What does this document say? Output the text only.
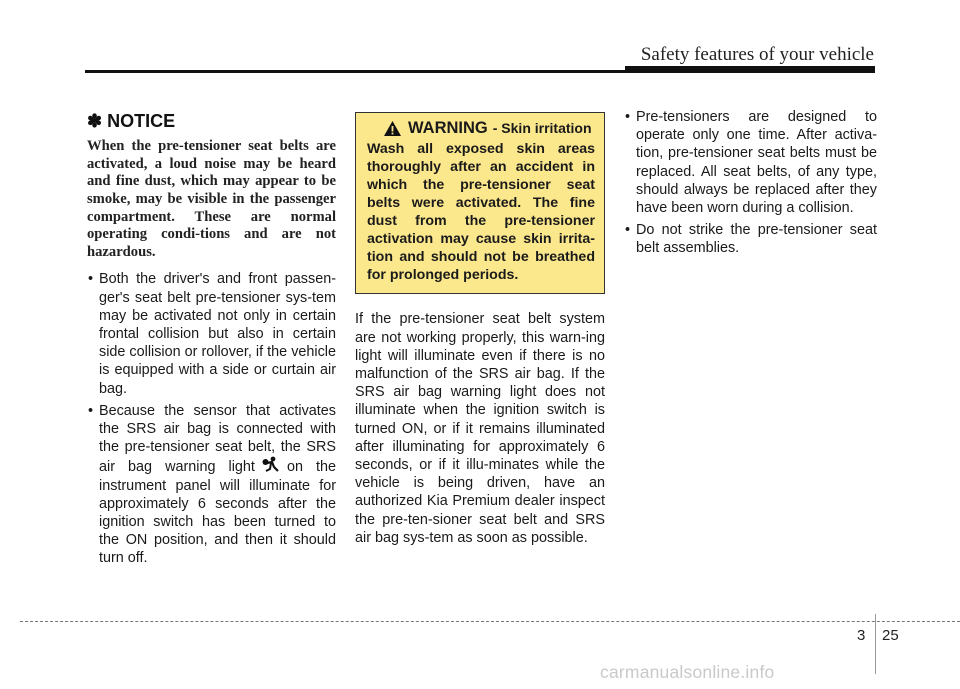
Safety features of your vehicle
✽ NOTICE
When the pre-tensioner seat belts are activated, a loud noise may be heard and fine dust, which may appear to be smoke, may be visible in the passenger compartment. These are normal operating condi-tions and are not hazardous.
• Both the driver's and front passen-ger's seat belt pre-tensioner sys-tem may be activated not only in certain frontal collision but also in certain side collision or rollover, if the vehicle is equipped with a side or curtain air bag.
• Because the sensor that activates the SRS air bag is connected with the pre-tensioner seat belt, the SRS air bag warning light on the instrument panel will illuminate for approximately 6 seconds after the ignition switch has been turned to the ON position, and then it should turn off.
WARNING - Skin irritation
Wash all exposed skin areas thoroughly after an accident in which the pre-tensioner seat belts were activated. The fine dust from the pre-tensioner activation may cause skin irrita-tion and should not be breathed for prolonged periods.
If the pre-tensioner seat belt system are not working properly, this warn-ing light will illuminate even if there is no malfunction of the SRS air bag. If the SRS air bag warning light does not illuminate when the ignition switch is turned ON, or if it remains illuminated after illuminating for approximately 6 seconds, or if it illu-minates while the vehicle is being driven, have an authorized Kia Premium dealer inspect the pre-ten-sioner seat belt and SRS air bag sys-tem as soon as possible.
• Pre-tensioners are designed to operate only one time. After activa-tion, pre-tensioner seat belts must be replaced. All seat belts, of any type, should always be replaced after they have been worn during a collision.
• Do not strike the pre-tensioner seat belt assemblies.
3 25
carmanualsonline.info
